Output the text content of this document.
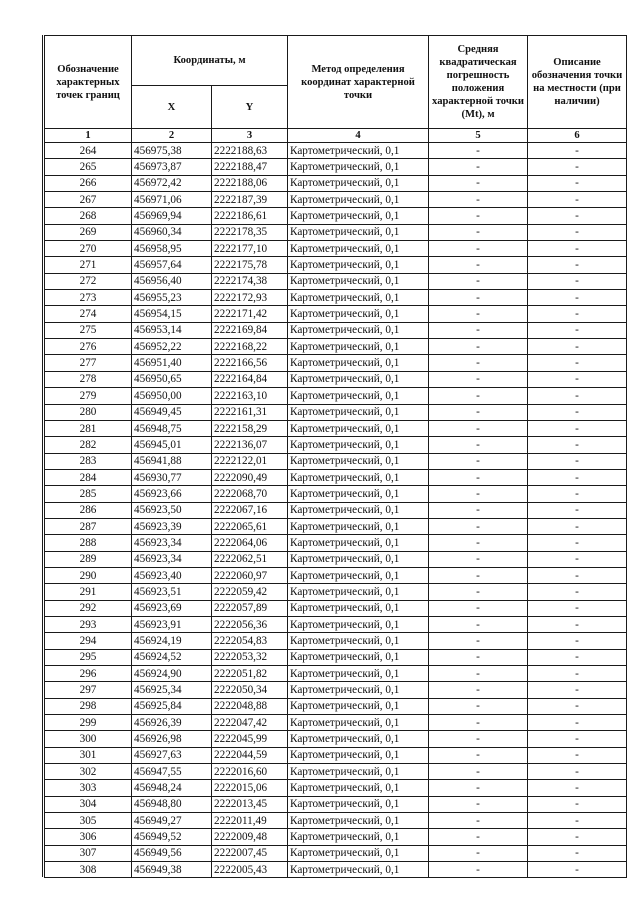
Обозначение характерных точек границ	Координаты, м		Метод определения координат характерной точки	Средняя квадратическая погрешность положения характерной точки (Mt), м	Описание обозначения точки на местности (при наличии)
	X	Y			
1	2	3	4	5	6
264	456975,38	2222188,63	Картометрический, 0,1	-	-
265	456973,87	2222188,47	Картометрический, 0,1	-	-
266	456972,42	2222188,06	Картометрический, 0,1	-	-
267	456971,06	2222187,39	Картометрический, 0,1	-	-
268	456969,94	2222186,61	Картометрический, 0,1	-	-
269	456960,34	2222178,35	Картометрический, 0,1	-	-
270	456958,95	2222177,10	Картометрический, 0,1	-	-
271	456957,64	2222175,78	Картометрический, 0,1	-	-
272	456956,40	2222174,38	Картометрический, 0,1	-	-
273	456955,23	2222172,93	Картометрический, 0,1	-	-
274	456954,15	2222171,42	Картометрический, 0,1	-	-
275	456953,14	2222169,84	Картометрический, 0,1	-	-
276	456952,22	2222168,22	Картометрический, 0,1	-	-
277	456951,40	2222166,56	Картометрический, 0,1	-	-
278	456950,65	2222164,84	Картометрический, 0,1	-	-
279	456950,00	2222163,10	Картометрический, 0,1	-	-
280	456949,45	2222161,31	Картометрический, 0,1	-	-
281	456948,75	2222158,29	Картометрический, 0,1	-	-
282	456945,01	2222136,07	Картометрический, 0,1	-	-
283	456941,88	2222122,01	Картометрический, 0,1	-	-
284	456930,77	2222090,49	Картометрический, 0,1	-	-
285	456923,66	2222068,70	Картометрический, 0,1	-	-
286	456923,50	2222067,16	Картометрический, 0,1	-	-
287	456923,39	2222065,61	Картометрический, 0,1	-	-
288	456923,34	2222064,06	Картометрический, 0,1	-	-
289	456923,34	2222062,51	Картометрический, 0,1	-	-
290	456923,40	2222060,97	Картометрический, 0,1	-	-
291	456923,51	2222059,42	Картометрический, 0,1	-	-
292	456923,69	2222057,89	Картометрический, 0,1	-	-
293	456923,91	2222056,36	Картометрический, 0,1	-	-
294	456924,19	2222054,83	Картометрический, 0,1	-	-
295	456924,52	2222053,32	Картометрический, 0,1	-	-
296	456924,90	2222051,82	Картометрический, 0,1	-	-
297	456925,34	2222050,34	Картометрический, 0,1	-	-
298	456925,84	2222048,88	Картометрический, 0,1	-	-
299	456926,39	2222047,42	Картометрический, 0,1	-	-
300	456926,98	2222045,99	Картометрический, 0,1	-	-
301	456927,63	2222044,59	Картометрический, 0,1	-	-
302	456947,55	2222016,60	Картометрический, 0,1	-	-
303	456948,24	2222015,06	Картометрический, 0,1	-	-
304	456948,80	2222013,45	Картометрический, 0,1	-	-
305	456949,27	2222011,49	Картометрический, 0,1	-	-
306	456949,52	2222009,48	Картометрический, 0,1	-	-
307	456949,56	2222007,45	Картометрический, 0,1	-	-
308	456949,38	2222005,43	Картометрический, 0,1	-	-
